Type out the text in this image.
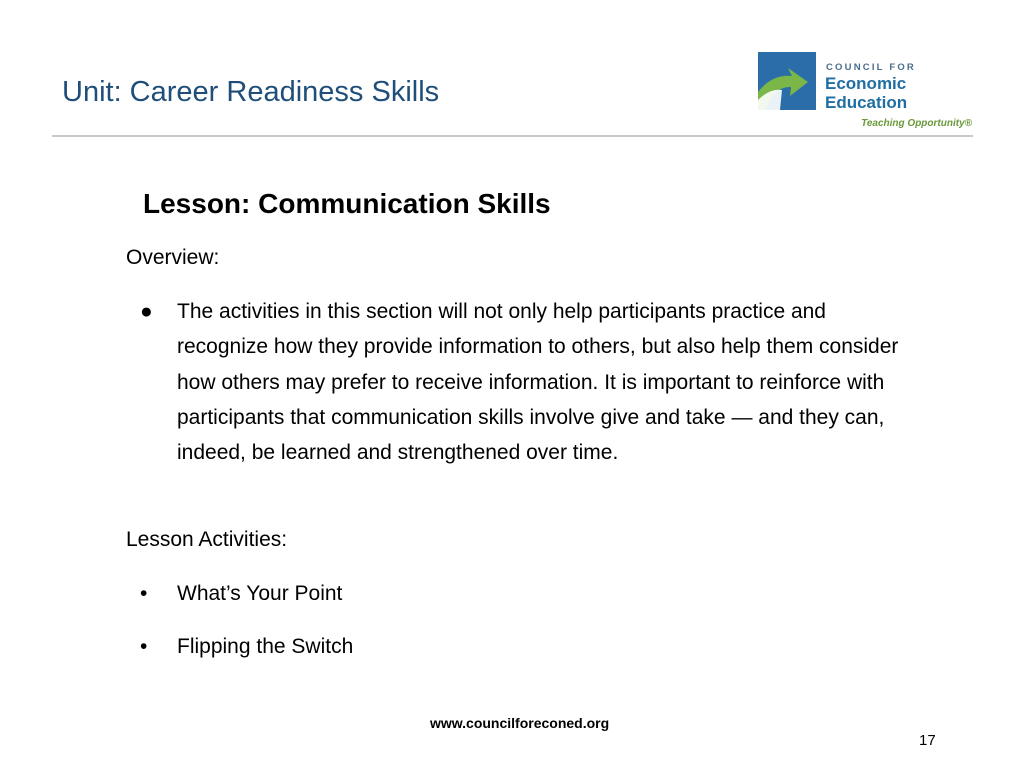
Unit: Career Readiness Skills
COUNCIL FOR
Economic
Education
Teaching Opportunity®
Lesson: Communication Skills
Overview:
●	The activities in this section will not only help participants practice and recognize how they provide information to others, but also help them consider how others may prefer to receive information. It is important to reinforce with participants that communication skills involve give and take — and they can, indeed, be learned and strengthened over time.
Lesson Activities:
•	What’s Your Point
•	Flipping the Switch
www.councilforeconed.org
17
